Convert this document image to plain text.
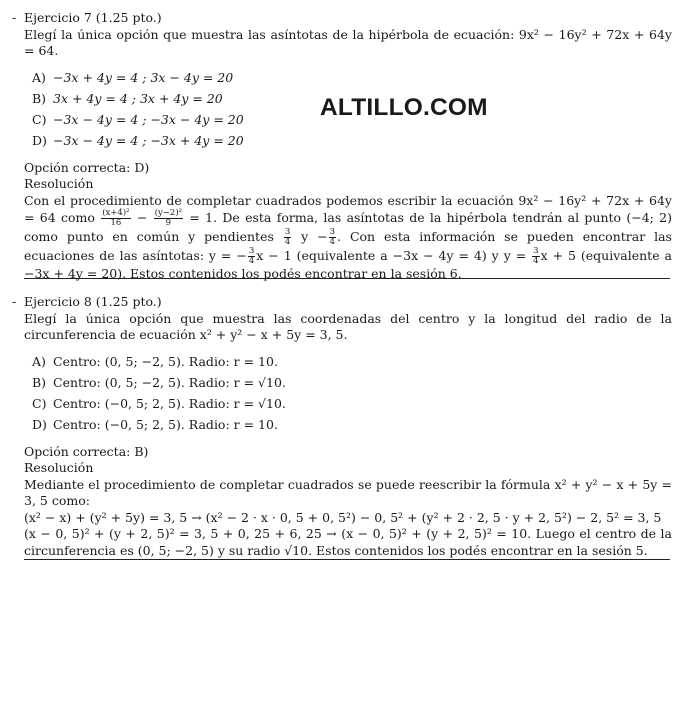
ALTILLO.COM
- Ejercicio 7 (1.25 pto.)
Elegí la única opción que muestra las asíntotas de la hipérbola de ecuación: 9x² − 16y² + 72x + 64y = 64.
A) −3x + 4y = 4 ; 3x − 4y = 20
B) 3x + 4y = 4 ; 3x + 4y = 20
C) −3x − 4y = 4 ; −3x − 4y = 20
D) −3x − 4y = 4 ; −3x + 4y = 20
Opción correcta: D)
Resolución
Con el procedimiento de completar cuadrados podemos escribir la ecuación 9x² − 16y² + 72x + 64y = 64 como $\frac{\text{(x+4)²}}{16} - \frac{\text{(y−2)²}}{9} = 1$. De esta forma, las asíntotas de la hipérbola tendrán al punto (−4; 2) como punto en común y pendientes $\frac{3}{4}$ $y - \frac{3}{4}$ . Con esta información se pueden encontrar las ecuaciones de las asíntotas: y = − $\frac{3}{4}$ x − 1 (equivalente a −3x − 4y = 4) y $y = \frac{3}{4}$ x + 5 (equivalente a −3x + 4y = 20). Estos contenidos los podés encontrar en la sesión 6.
- Ejercicio 8 (1.25 pto.)
Elegí la única opción que muestra las coordenadas del centro y la longitud del radio de la circunferencia de ecuación x² + y² − x + 5y = 3, 5.
A) Centro: (0, 5; −2, 5). Radio: r = 10.
B) Centro: (0, 5; −2, 5). Radio: r = √10.
C) Centro: (−0, 5; 2, 5). Radio: r = √10.
D) Centro: (−0, 5; 2, 5). Radio: r = 10.
Opción correcta: B)
Resolución
Mediante el procedimiento de completar cuadrados se puede reescribir la fórmula x² + y² − x + 5y = 3, 5 como:
(x² − x) + (y² + 5y) = 3, 5 → (x² − 2 · x · 0, 5 + 0, 5²) − 0, 5² + (y² + 2 · 2, 5 · y + 2, 5²) − 2, 5² = 3, 5
(x − 0, 5)² + (y + 2, 5)² = 3, 5 + 0, 25 + 6, 25 → (x − 0, 5)² + (y + 2, 5)² = 10. Luego el centro de la circunferencia es (0, 5; −2, 5) y su radio √10. Estos contenidos los podés encontrar en la sesión 5.
